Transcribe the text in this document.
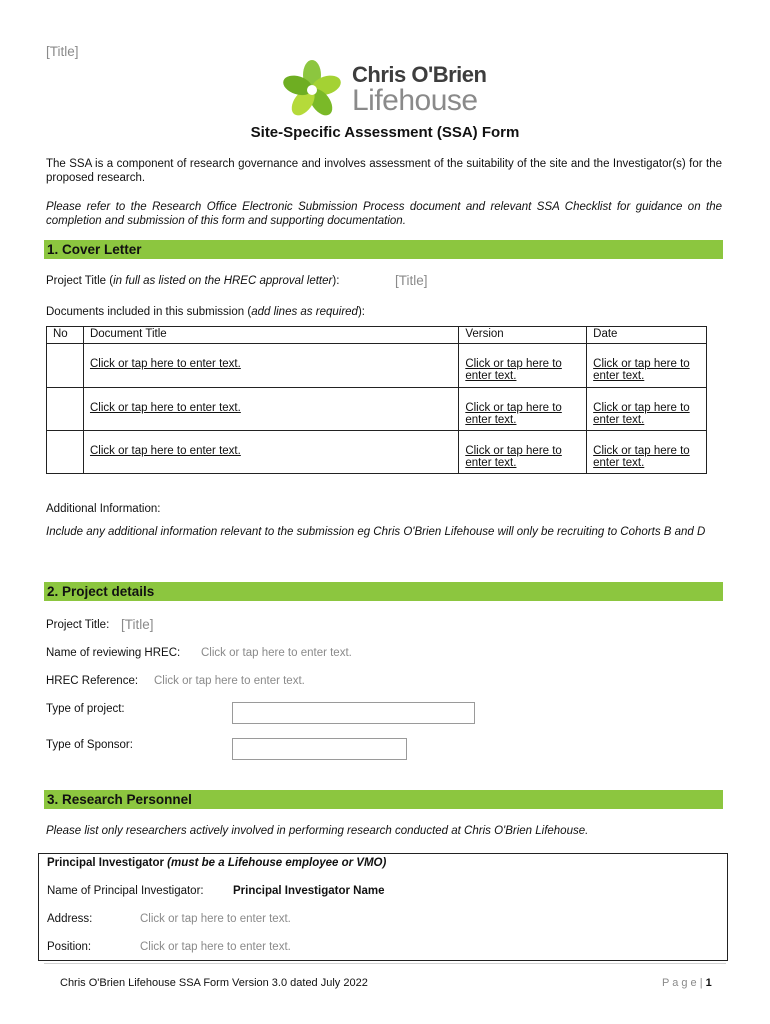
[Title]
Chris O'Brien
Lifehouse
Site-Specific Assessment (SSA) Form
The SSA is a component of research governance and involves assessment of the suitability of the site and the Investigator(s) for the proposed research.
Please refer to the Research Office Electronic Submission Process document and relevant SSA Checklist for guidance on the completion and submission of this form and supporting documentation.
1. Cover Letter
Project Title (in full as listed on the HREC approval letter):	[Title]
Documents included in this submission (add lines as required):
No	Document Title	Version	Date
	Click or tap here to enter text.	Click or tap here to enter text.	Click or tap here to enter text.
	Click or tap here to enter text.	Click or tap here to enter text.	Click or tap here to enter text.
	Click or tap here to enter text.	Click or tap here to enter text.	Click or tap here to enter text.
Additional Information:
Include any additional information relevant to the submission eg Chris O'Brien Lifehouse will only be recruiting to Cohorts B and D
2. Project details
Project Title: [Title]
Name of reviewing HREC: Click or tap here to enter text.
HREC Reference: Click or tap here to enter text.
Type of project:
Type of Sponsor:
3. Research Personnel
Please list only researchers actively involved in performing research conducted at Chris O'Brien Lifehouse.
Principal Investigator (must be a Lifehouse employee or VMO)
Name of Principal Investigator:	Principal Investigator Name
Address:	Click or tap here to enter text.
Position:	Click or tap here to enter text.
Chris O'Brien Lifehouse SSA Form Version 3.0 dated July 2022	P a g e | 1
